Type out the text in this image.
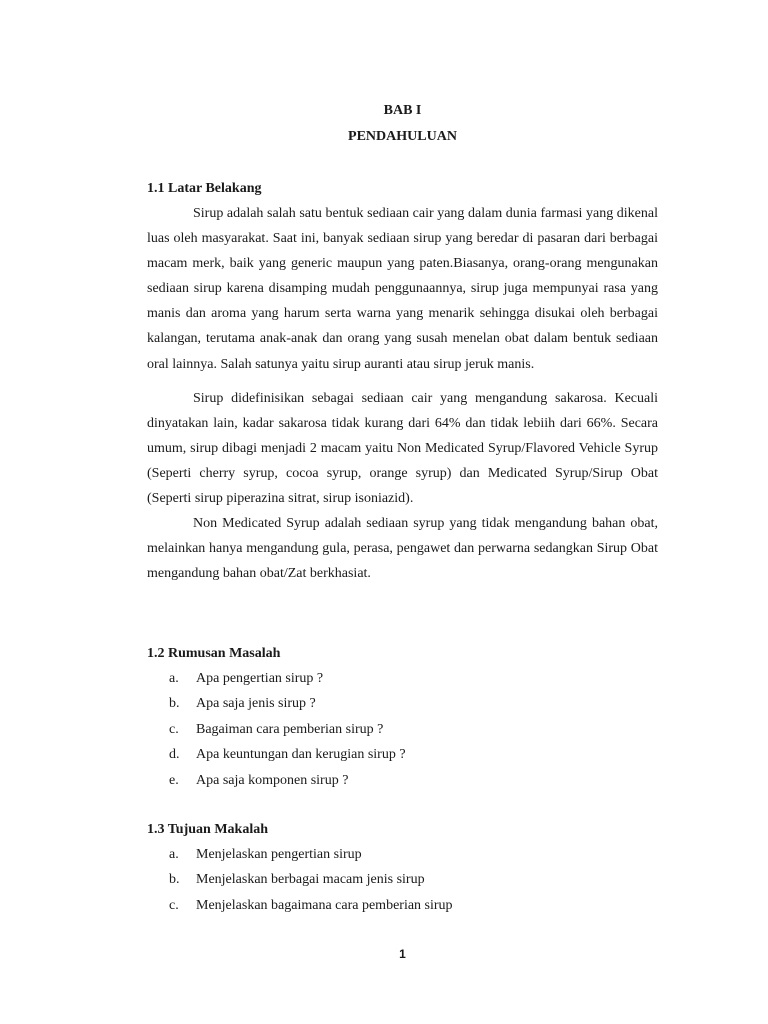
BAB I
PENDAHULUAN

1.1 Latar Belakang

Sirup adalah salah satu bentuk sediaan cair yang dalam dunia farmasi yang dikenal luas oleh masyarakat. Saat ini, banyak sediaan sirup yang beredar di pasaran dari berbagai macam merk, baik yang generic maupun yang paten.Biasanya, orang-orang mengunakan sediaan sirup karena disamping mudah penggunaannya, sirup juga mempunyai rasa yang manis dan aroma yang harum serta warna yang menarik sehingga disukai oleh berbagai kalangan, terutama anak-anak dan orang yang susah menelan obat dalam bentuk sediaan oral lainnya. Salah satunya yaitu sirup auranti atau sirup jeruk manis.

Sirup didefinisikan sebagai sediaan cair yang mengandung sakarosa. Kecuali dinyatakan lain, kadar sakarosa tidak kurang dari 64% dan tidak lebiih dari 66%. Secara umum, sirup dibagi menjadi 2 macam yaitu Non Medicated Syrup/Flavored Vehicle Syrup (Seperti cherry syrup, cocoa syrup, orange syrup) dan Medicated Syrup/Sirup Obat (Seperti sirup piperazina sitrat, sirup isoniazid).

Non Medicated Syrup adalah sediaan syrup yang tidak mengandung bahan obat, melainkan hanya mengandung gula, perasa, pengawet dan perwarna sedangkan Sirup Obat mengandung bahan obat/Zat berkhasiat.

1.2 Rumusan Masalah

a.	Apa pengertian sirup ?
b.	Apa saja jenis sirup ?
c.	Bagaiman cara pemberian sirup ?
d.	Apa keuntungan dan kerugian sirup ?
e.	Apa saja komponen sirup ?

1.3 Tujuan Makalah

a.	Menjelaskan pengertian sirup
b.	Menjelaskan berbagai macam jenis sirup
c.	Menjelaskan bagaimana cara pemberian sirup
1
